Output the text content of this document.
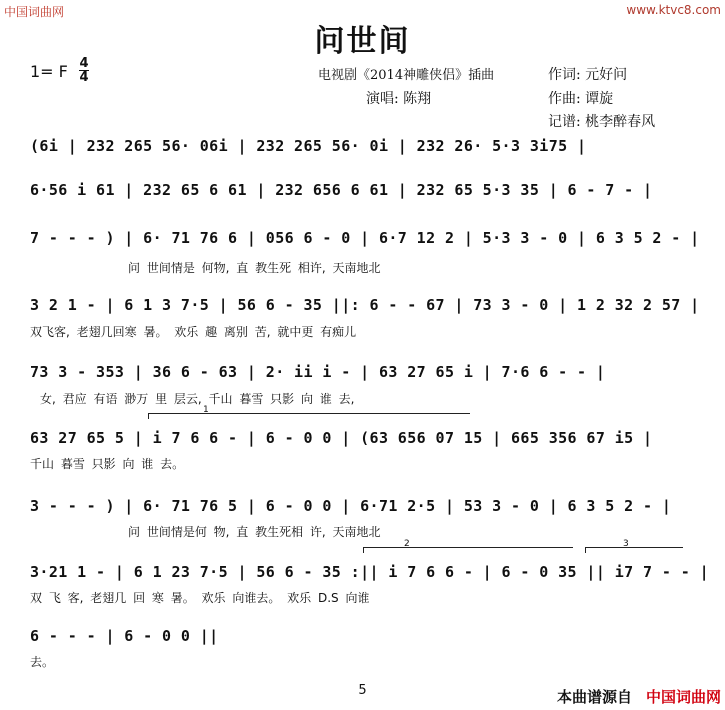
中国词曲网	www.ktvc8.com
问世间
1= F 4
4	电视剧《2014神雕侠侣》插曲
演唱: 陈翔
作词: 元好问
作曲: 谭旋
记谱: 桃李醉春风
(6i | 232 265 56· 06i | 232 265 56· 0i | 232 26· 5·3 3i75 |
6·56 i 61 | 232 65 6 61 | 232 656 6 61 | 232 65 5·3 35 | 6 - 7 - |
7 - - - ) | 6· 71 76 6 | 056 6 - 0 | 6·7 12 2 | 5·3 3 - 0 | 6 3 5 2 - |
问 世间情是 何物, 直 教生死 相许, 天南地北
3 2 1 - | 6 1 3 7·5 | 56 6 - 35 ||: 6 - - 67 | 73 3 - 0 | 1 2 32 2 57 |
双飞客, 老翅几回寒 暑。 欢乐 趣 离别 苦, 就中更 有痴儿
73 3 - 353 | 36 6 - 63 | 2· ii i - | 63 27 65 i | 7·6 6 - - |
女, 君应 有语 渺万 里 层云, 千山 暮雪 只影 向 谁 去,
1
63 27 65 5 | i 7 6 6 - | 6 - 0 0 | (63 656 07 15 | 665 356 67 i5 |
千山 暮雪 只影 向 谁 去。
3 - - - ) | 6· 71 76 5 | 6 - 0 0 | 6·71 2·5 | 53 3 - 0 | 6 3 5 2 - |
问 世间情是何 物, 直 教生死相 许, 天南地北
2	3
3·21 1 - | 6 1 23 7·5 | 56 6 - 35 :|| i 7 6 6 - | 6 - 0 35 || i7 7 - - |
双 飞 客, 老翅几 回 寒 暑。 欢乐 向谁去。 欢乐 D.S 向谁
6 - - - | 6 - 0 0 ||
去。
5	本曲谱源自 中国词曲网
